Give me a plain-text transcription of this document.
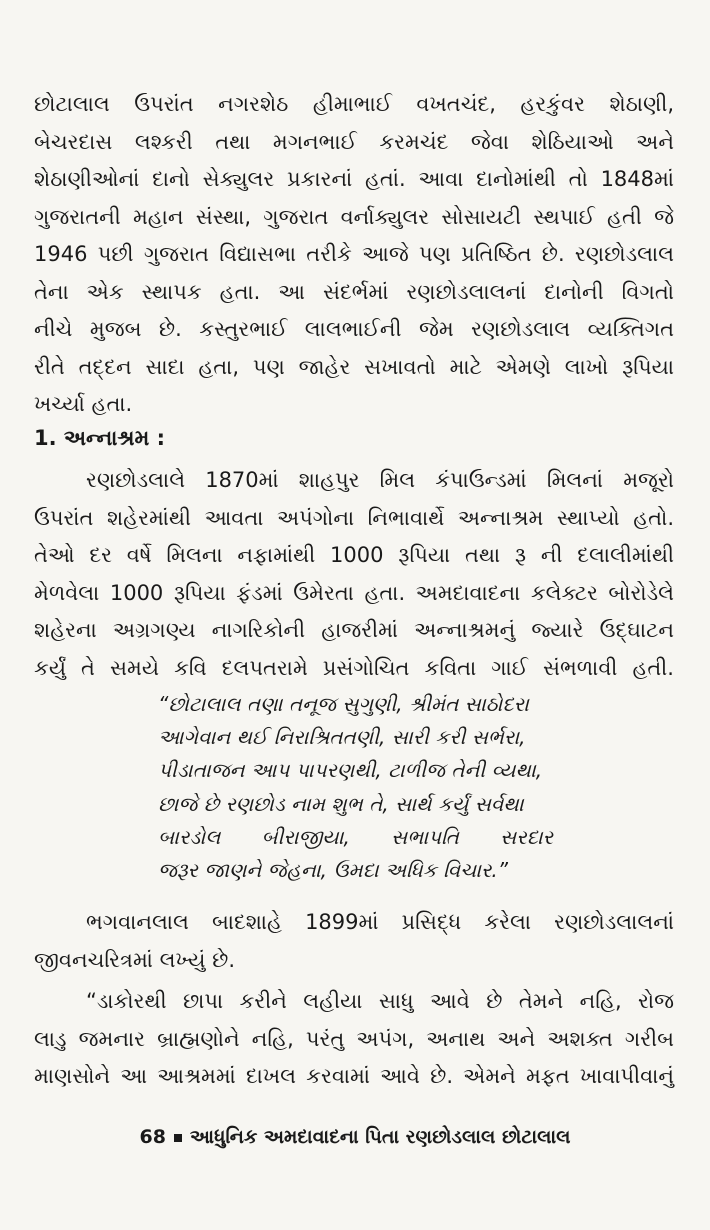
છોટાલાલ ઉપરાંત નગરશેઠ હીમાભાઈ વખતચંદ, હરકુંવર શેઠાણી,
બેચરદાસ લશ્કરી તથા મગનભાઈ કરમચંદ જેવા શેઠિયાઓ અને
શેઠાણીઓનાં દાનો સેક્યુલર પ્રકારનાં હતાં. આવા દાનોમાંથી તો 1848માં
ગુજરાતની મહાન સંસ્થા, ગુજરાત વર્નાક્યુલર સોસાયટી સ્થપાઈ હતી જે
1946 પછી ગુજરાત વિદ્યાસભા તરીકે આજે પણ પ્રતિષ્ઠિત છે. રણછોડલાલ
તેના એક સ્થાપક હતા. આ સંદર્ભમાં રણછોડલાલનાં દાનોની વિગતો
નીચે મુજબ છે. કસ્તુરભાઈ લાલભાઈની જેમ રણછોડલાલ વ્યક્તિગત
રીતે તદ્દન સાદા હતા, પણ જાહેર સખાવતો માટે એમણે લાખો રૂપિયા
ખર્ચ્યા હતા.
1. અન્નાશ્રમ :
રણછોડલાલે 1870માં શાહપુર મિલ કંપાઉન્ડમાં મિલનાં મજૂરો
ઉપરાંત શહેરમાંથી આવતા અપંગોના નિભાવાર્થે અન્નાશ્રમ સ્થાપ્યો હતો.
તેઓ દર વર્ષે મિલના નફામાંથી 1000 રૂપિયા તથા રૂ ની દલાલીમાંથી
મેળવેલા 1000 રૂપિયા ફંડમાં ઉમેરતા હતા. અમદાવાદના કલેક્ટર બોરોડેલે
શહેરના અગ્રગણ્ય નાગરિકોની હાજરીમાં અન્નાશ્રમનું જ્યારે ઉદ્ઘાટન
કર્યું તે સમયે કવિ દલપતરામે પ્રસંગોચિત કવિતા ગાઈ સંભળાવી હતી.
“છોટાલાલ તણા તનૂજ સુગુણી, શ્રીમંત સાઠોદરા
આગેવાન થઈ નિરાશ્રિતતણી, સારી કરી સર્ભરા,
પીડાતાજન આપ પાપરણથી, ટાળીજ તેની વ્યથા,
છાજે છે રણછોડ નામ શુભ તે, સાર્થ કર્યું સર્વથા
બારડોલ બીરાજીયા, સભાપતિ સરદાર
જરૂર જાણને જેહના, ઉમદા અધિક વિચાર.”
ભગવાનલાલ બાદશાહે 1899માં પ્રસિદ્ધ કરેલા રણછોડલાલનાં
જીવનચરિત્રમાં લખ્યું છે.
“ડાકોરથી છાપા કરીને લહીયા સાધુ આવે છે તેમને નહિ, રોજ
લાડુ જમનાર બ્રાહ્મણોને નહિ, પરંતુ અપંગ, અનાથ અને અશક્ત ગરીબ
માણસોને આ આશ્રમમાં દાખલ કરવામાં આવે છે. એમને મફત ખાવાપીવાનું
68 આધુનિક અમદાવાદના પિતા રણછોડલાલ છોટાલાલ
